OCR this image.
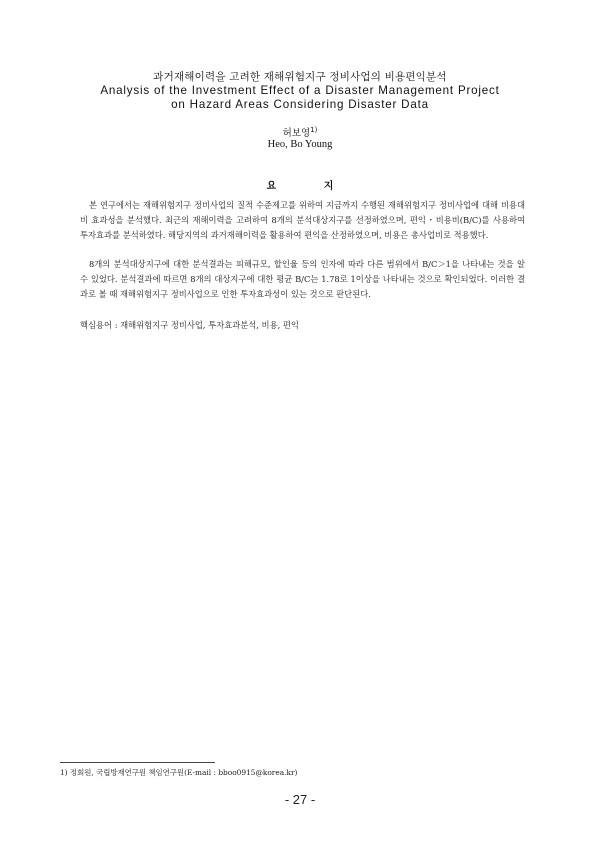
과거재해이력을 고려한 재해위험지구 정비사업의 비용편익분석
Analysis of the Investment Effect of a Disaster Management Project
on Hazard Areas Considering Disaster Data
허보영$^{1)}$
Heo, Bo Young
요 지

본 연구에서는 재해위험지구 정비사업의 질적 수준제고를 위하여 지금까지 수행된 재해위험지구 정비사업에 대해 비용대비 효과성을 분석했다. 최근의 재해이력을 고려하여 8개의 분석대상지구를 선정하였으며, 편익・비용비(B/C)를 사용하여 투자효과를 분석하였다. 해당지역의 과거재해이력을 활용하여 편익을 산정하였으며, 비용은 총사업비로 적용했다.

8개의 분석대상지구에 대한 분석결과는 피해규모, 할인율 등의 인자에 따라 다른 범위에서 B/C＞1을 나타내는 것을 알 수 있었다. 분석결과에 따르면 8개의 대상지구에 대한 평균 B/C는 1.78로 1이상을 나타내는 것으로 확인되었다. 이러한 결과로 볼 때 재해위험지구 정비사업으로 인한 투자효과성이 있는 것으로 판단된다.

핵심용어 : 재해위험지구 정비사업, 투자효과분석, 비용, 편익
1) 정회원, 국립방재연구원 책임연구원(E-mail : bboo0915@korea.kr)
- 27 -
